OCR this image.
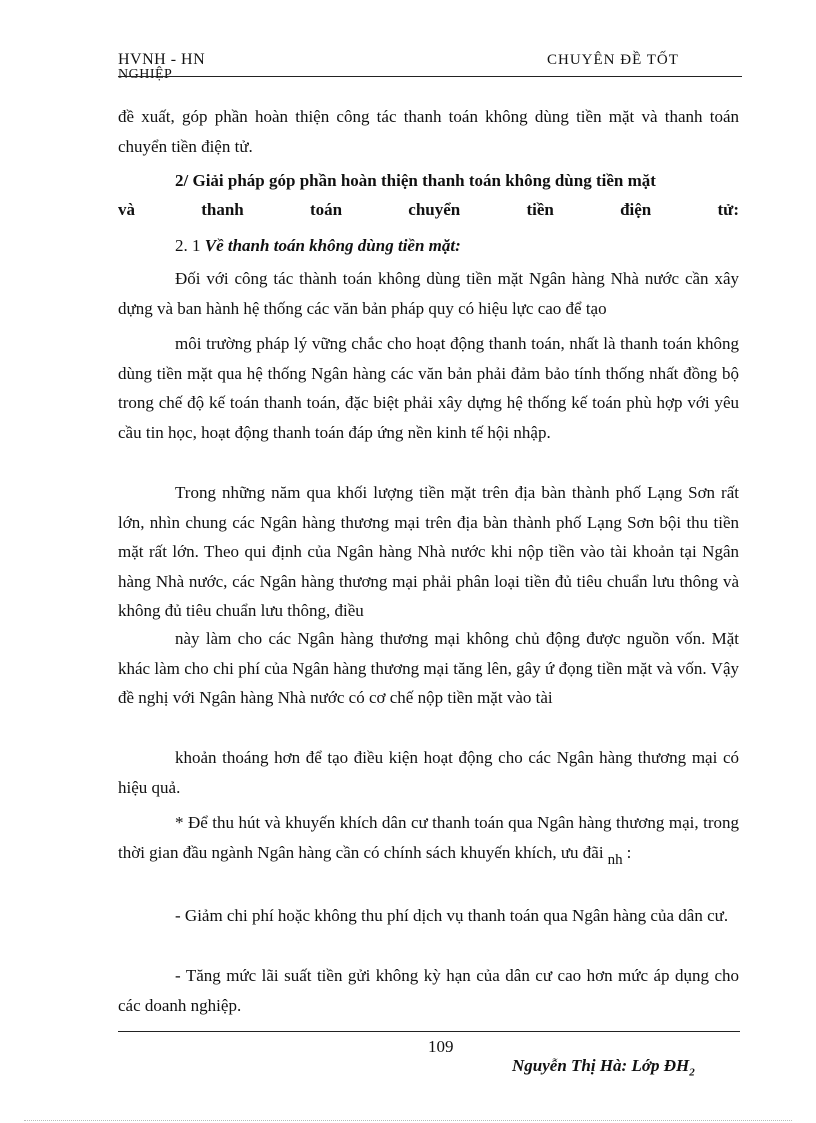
HVNH - HN
NGHIỆP
CHUYÊN ĐỀ TỐT

đề xuất, góp phần hoàn thiện công tác thanh toán không dùng tiền mặt và thanh toán chuyển tiền điện tử.

2/ Giải pháp góp phần hoàn thiện thanh toán không dùng tiền mặt

và thanh toán chuyển tiền điện tử:

2. 1 Về thanh toán không dùng tiền mặt:

Đối với công tác thành toán không dùng tiền mặt Ngân hàng Nhà nước cần xây dựng và ban hành hệ thống các văn bản pháp quy có hiệu lực cao để tạo

môi trường pháp lý vững chắc cho hoạt động thanh toán, nhất là thanh toán không dùng tiền mặt qua hệ thống Ngân hàng các văn bản phải đảm bảo tính thống nhất đồng bộ trong chế độ kế toán thanh toán, đặc biệt phải xây dựng hệ thống kế toán phù hợp với yêu cầu tin học, hoạt động thanh toán đáp ứng nền kinh tế hội nhập.

Trong những năm qua khối lượng tiền mặt trên địa bàn thành phố Lạng Sơn rất lớn, nhìn chung các Ngân hàng thương mại trên địa bàn thành phố Lạng Sơn bội thu tiền mặt rất lớn. Theo qui định của Ngân hàng Nhà nước khi nộp tiền vào tài khoản tại Ngân hàng Nhà nước, các Ngân hàng thương mại phải phân loại tiền đủ tiêu chuẩn lưu thông và không đủ tiêu chuẩn lưu thông, điều

này làm cho các Ngân hàng thương mại không chủ động được nguồn vốn. Mặt khác làm cho chi phí của Ngân hàng thương mại tăng lên, gây ứ đọng tiền mặt và vốn. Vậy đề nghị với Ngân hàng Nhà nước có cơ chế nộp tiền mặt vào tài

khoản thoáng hơn để tạo điều kiện hoạt động cho các Ngân hàng thương mại có hiệu quả.

* Để thu hút và khuyến khích dân cư thanh toán qua Ngân hàng thương mại, trong thời gian đầu ngành Ngân hàng cần có chính sách khuyến khích, ưu đãi nh :

- Giảm chi phí hoặc không thu phí dịch vụ thanh toán qua Ngân hàng của dân cư.

- Tăng mức lãi suất tiền gửi không kỳ hạn của dân cư cao hơn mức áp dụng cho các doanh nghiệp.

109
Nguyễn Thị Hà: Lớp $ĐH_2$
